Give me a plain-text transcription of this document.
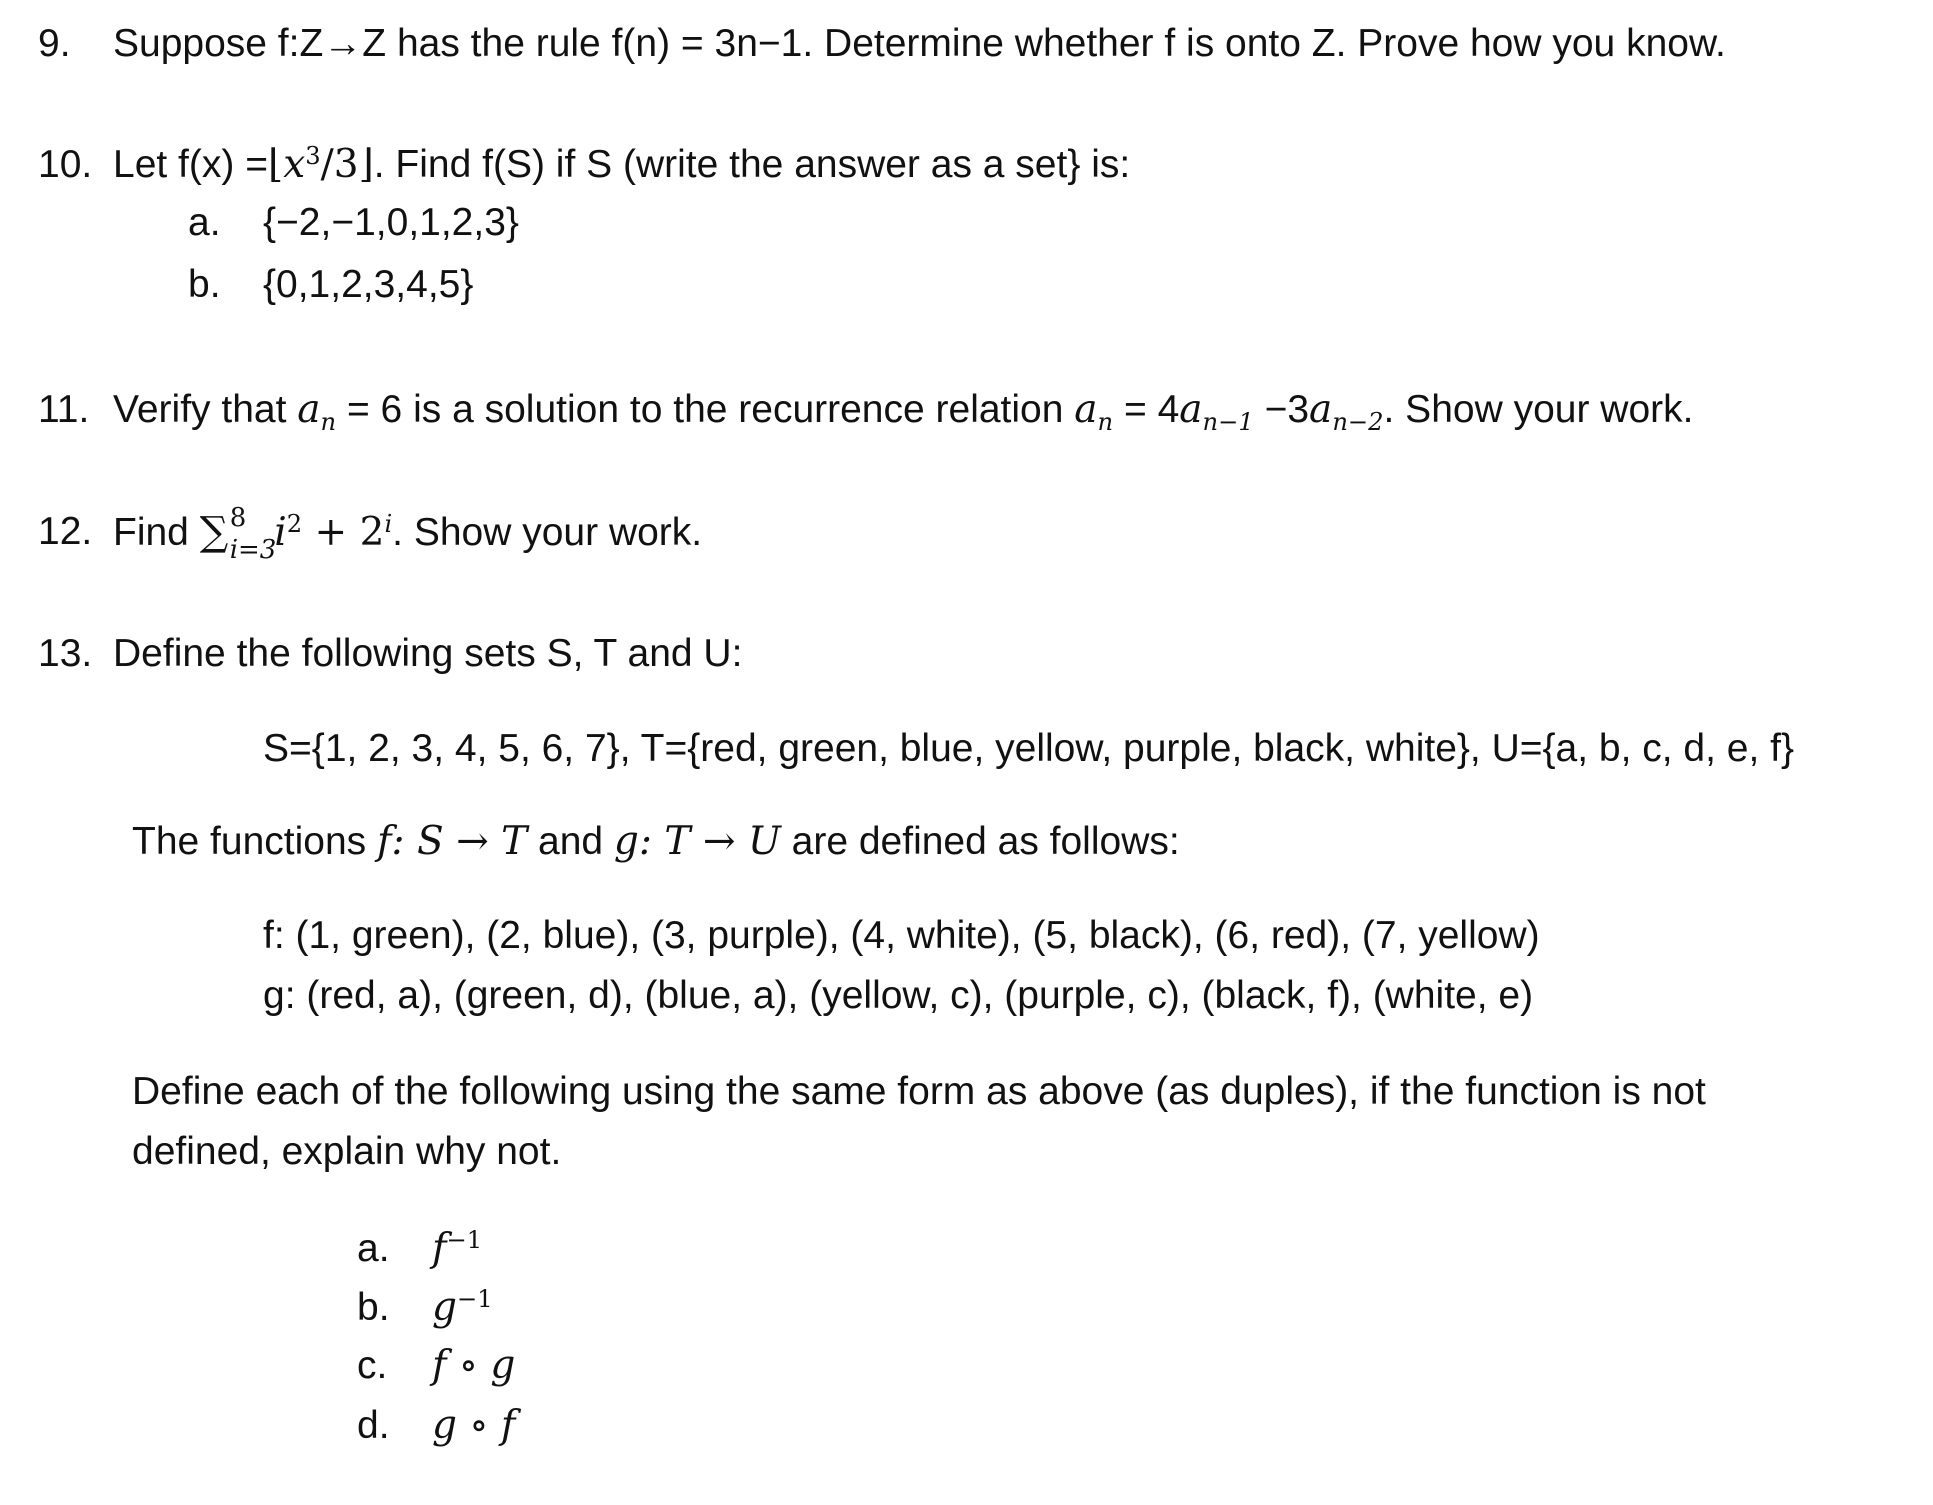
9. Suppose f:Z→Z has the rule f(n) = 3n−1. Determine whether f is onto Z. Prove how you know.
10. Let $f(x) =⌊x^3/3⌋$. Find f(S) if S (write the answer as a set} is:
a. {−2,−1,0,1,2,3}
b. {0,1,2,3,4,5}
11. Verify that $a_n = 6$ is a solution to the recurrence relation $a_n = 4a_{n-1} -3a_{n-2}$. Show your work.
12. Find ∑ 8
i=3
$i^2 + 2^i$. Show your work.
13. Define the following sets S, T and U:
S={1, 2, 3, 4, 5, 6, 7}, T={red, green, blue, yellow, purple, black, white}, U={a, b, c, d, e, f}
The functions f: S → T and g: T → U are defined as follows:
f: (1, green), (2, blue), (3, purple), (4, white), (5, black), (6, red), (7, yellow)
g: (red, a), (green, d), (blue, a), (yellow, c), (purple, c), (black, f), (white, e)
Define each of the following using the same form as above (as duples), if the function is not
defined, explain why not.
a. $f^{-1}$
b. $g^{-1}$
c. f ∘ g
d. g ∘ f
